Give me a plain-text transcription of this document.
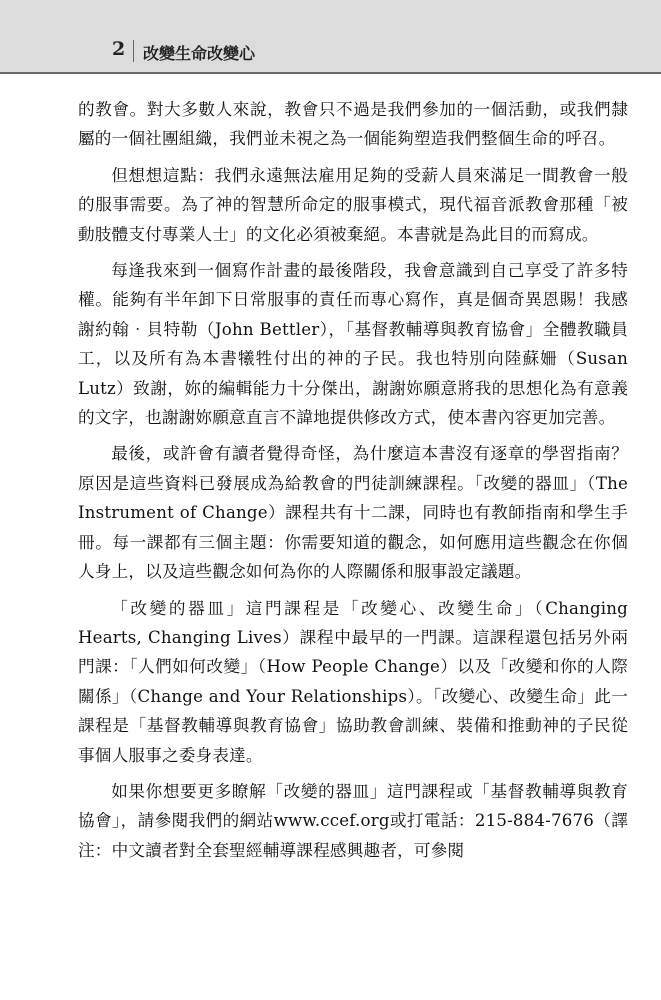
2 改變生命改變心

的教會。對大多數人來說，教會只不過是我們參加的一個活動，或我們隸屬的一個社團組織，我們並未視之為一個能夠塑造我們整個生命的呼召。

但想想這點：我們永遠無法雇用足夠的受薪人員來滿足一間教會一般的服事需要。為了神的智慧所命定的服事模式，現代福音派教會那種「被動肢體支付專業人士」的文化必須被棄絕。本書就是為此目的而寫成。

每逢我來到一個寫作計畫的最後階段，我會意識到自己享受了許多特權。能夠有半年卸下日常服事的責任而專心寫作，真是個奇異恩賜！我感謝約翰‧貝特勒（John Bettler），「基督教輔導與教育協會」全體教職員工，以及所有為本書犧牲付出的神的子民。我也特別向陸蘇姍（Susan Lutz）致謝，妳的編輯能力十分傑出，謝謝妳願意將我的思想化為有意義的文字，也謝謝妳願意直言不諱地提供修改方式，使本書內容更加完善。

最後，或許會有讀者覺得奇怪，為什麼這本書沒有逐章的學習指南？原因是這些資料已發展成為給教會的門徒訓練課程。「改變的器皿」（The Instrument of Change）課程共有十二課，同時也有教師指南和學生手冊。每一課都有三個主題：你需要知道的觀念，如何應用這些觀念在你個人身上，以及這些觀念如何為你的人際關係和服事設定議題。

「改變的器皿」這門課程是「改變心、改變生命」（Changing Hearts, Changing Lives）課程中最早的一門課。這課程還包括另外兩門課：「人們如何改變」（How People Change）以及「改變和你的人際關係」（Change and Your Relationships）。「改變心、改變生命」此一課程是「基督教輔導與教育協會」協助教會訓練、裝備和推動神的子民從事個人服事之委身表達。

如果你想要更多瞭解「改變的器皿」這門課程或「基督教輔導與教育協會」，請參閱我們的網站www.ccef.org或打電話：215-884-7676（譯注：中文讀者對全套聖經輔導課程感興趣者，可參閱
